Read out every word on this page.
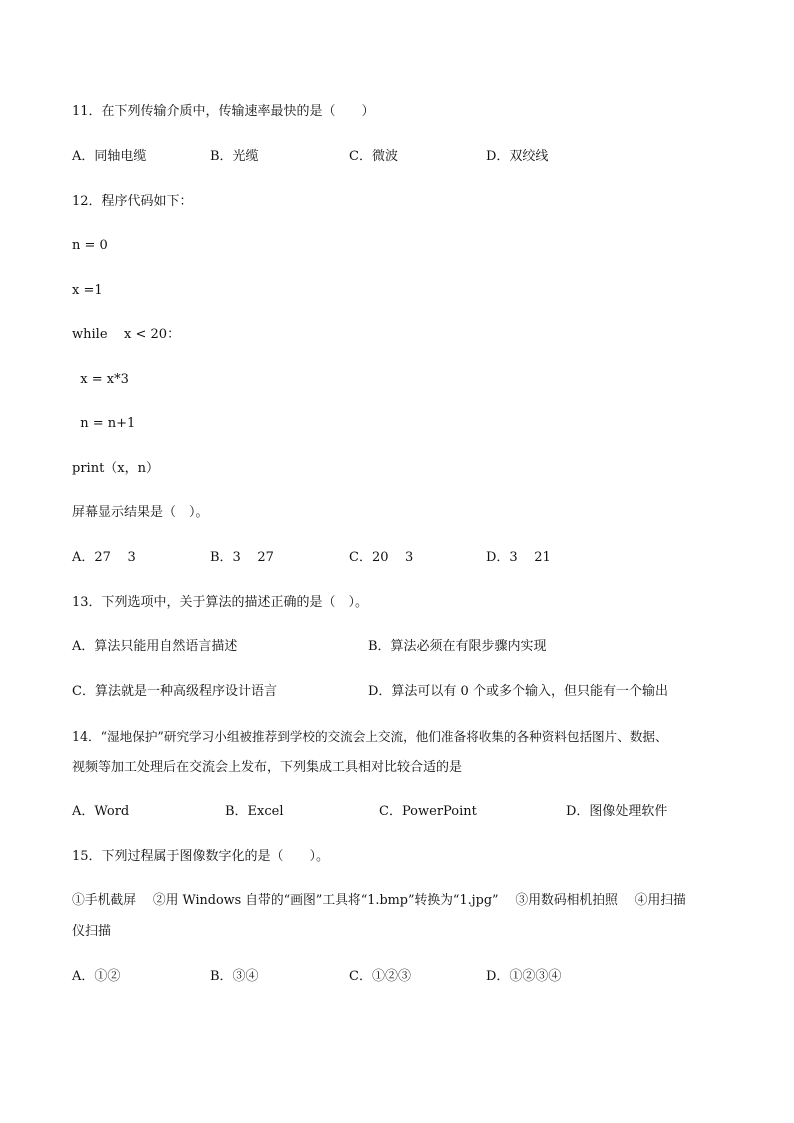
11．在下列传输介质中，传输速率最快的是（　　）
A．同轴电缆	B．光缆	C．微波	D．双绞线
12．程序代码如下：
n = 0
x =1
while    x < 20：
x = x*3
n = n+1
print（x，n）
屏幕显示结果是（　）。
A．27    3	B．3    27	C．20    3	D．3    21
13．下列选项中，关于算法的描述正确的是（　）。
A．算法只能用自然语言描述	B．算法必须在有限步骤内实现
C．算法就是一种高级程序设计语言	D．算法可以有 0 个或多个输入，但只能有一个输出
14．“湿地保护”研究学习小组被推荐到学校的交流会上交流，他们准备将收集的各种资料包括图片、数据、
视频等加工处理后在交流会上发布，下列集成工具相对比较合适的是
A．Word	B．Excel	C．PowerPoint	D．图像处理软件
15．下列过程属于图像数字化的是（　　）。
①手机截屏　 ②用 Windows 自带的“画图”工具将“1.bmp”转换为“1.jpg”　 ③用数码相机拍照　 ④用扫描
仪扫描
A．①②	B．③④	C．①②③	D．①②③④
